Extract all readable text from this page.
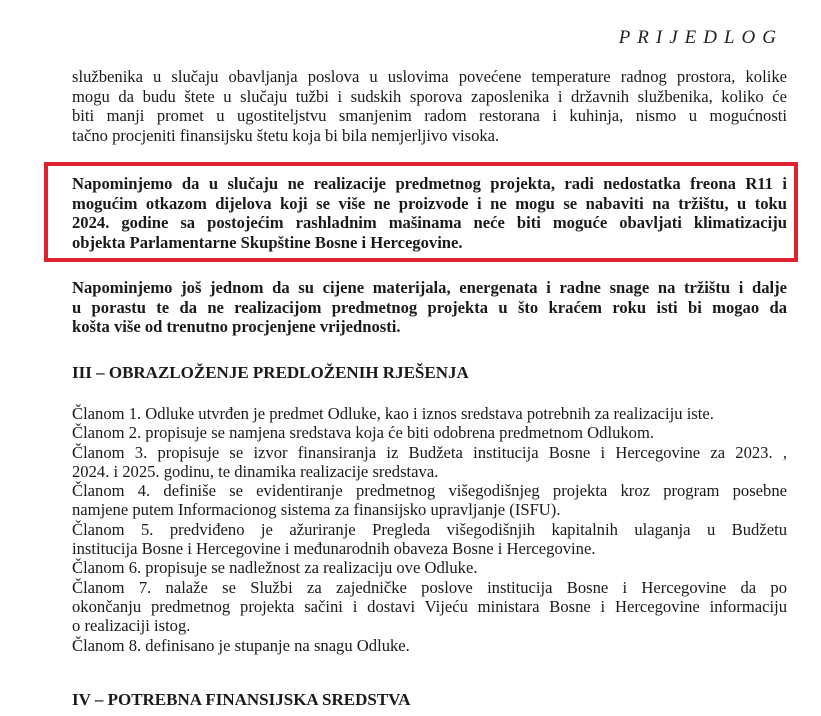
PRIJEDLOG
službenika u slučaju obavljanja poslova u uslovima povećene temperature radnog prostora, kolike
mogu da budu štete u slučaju tužbi i sudskih sporova zaposlenika i državnih službenika, koliko će
biti manji promet u ugostiteljstvu smanjenim radom restorana i kuhinja, nismo u mogućnosti
tačno procjeniti finansijsku štetu koja bi bila nemjerljivo visoka.
Napominjemo da u slučaju ne realizacije predmetnog projekta, radi nedostatka freona R11 i
mogućim otkazom dijelova koji se više ne proizvode i ne mogu se nabaviti na tržištu, u toku
2024. godine sa postojećim rashladnim mašinama neće biti moguće obavljati klimatizaciju
objekta Parlamentarne Skupštine Bosne i Hercegovine.
Napominjemo još jednom da su cijene materijala, energenata i radne snage na tržištu i dalje
u porastu te da ne realizacijom predmetnog projekta u što kraćem roku isti bi mogao da
košta više od trenutno procjenjene vrijednosti.
III – OBRAZLOŽENJE PREDLOŽENIH RJEŠENJA
Članom 1. Odluke utvrđen je predmet Odluke, kao i iznos sredstava potrebnih za realizaciju iste.
Članom 2. propisuje se namjena sredstava koja će biti odobrena predmetnom Odlukom.
Članom 3. propisuje se izvor finansiranja iz Budžeta institucija Bosne i Hercegovine za 2023. ,
2024. i 2025. godinu, te dinamika realizacije sredstava.
Članom 4. definiše se evidentiranje predmetnog višegodišnjeg projekta kroz program posebne
namjene putem Informacionog sistema za finansijsko upravljanje (ISFU).
Članom 5. predviđeno je ažuriranje Pregleda višegodišnjih kapitalnih ulaganja u Budžetu
institucija Bosne i Hercegovine i međunarodnih obaveza Bosne i Hercegovine.
Članom 6. propisuje se nadležnost za realizaciju ove Odluke.
Članom 7. nalaže se Službi za zajedničke poslove institucija Bosne i Hercegovine da po
okončanju predmetnog projekta sačini i dostavi Vijeću ministara Bosne i Hercegovine informaciju
o realizaciji istog.
Članom 8. definisano je stupanje na snagu Odluke.
IV – POTREBNA FINANSIJSKA SREDSTVA
